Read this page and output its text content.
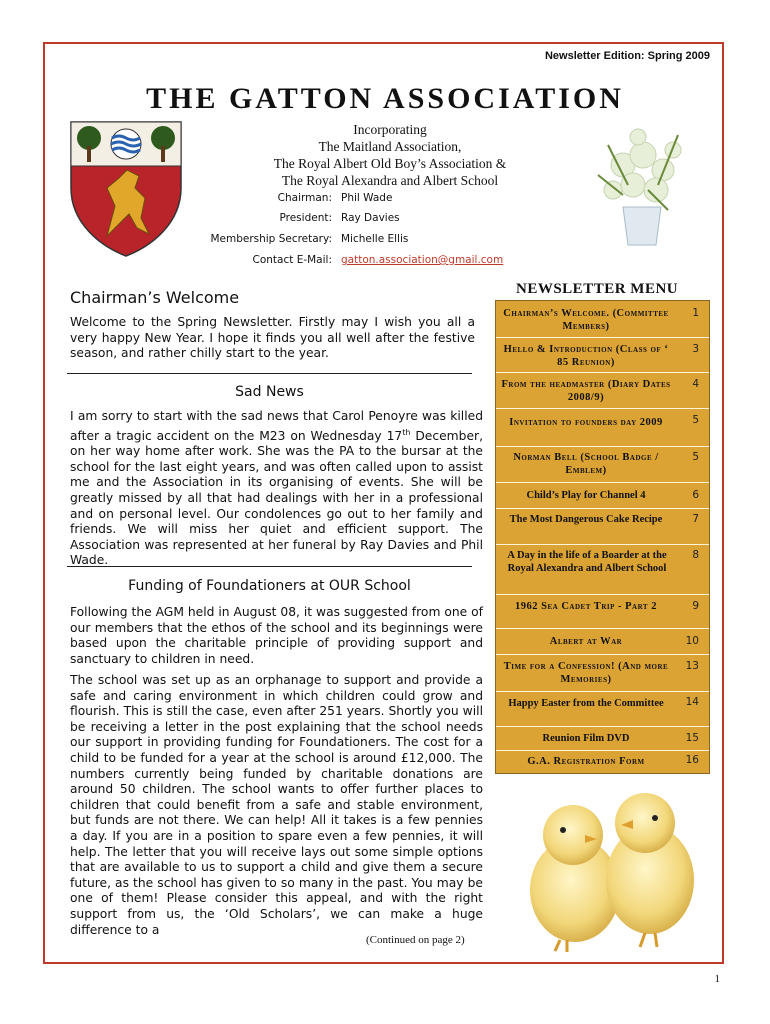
Newsletter Edition: Spring 2009
THE GATTON ASSOCIATION
Incorporating
The Maitland Association,
The Royal Albert Old Boy’s Association &
The Royal Alexandra and Albert School
Chairman: Phil Wade
President: Ray Davies
Membership Secretary: Michelle Ellis
Contact E-Mail: gatton.association@gmail.com
Chairman’s Welcome
Welcome to the Spring Newsletter. Firstly may I wish you all a very happy New Year. I hope it finds you all well after the festive season, and rather chilly start to the year.
Sad News
I am sorry to start with the sad news that Carol Penoyre was killed after a tragic accident on the M23 on Wednesday 17th December, on her way home after work. She was the PA to the bursar at the school for the last eight years, and was often called upon to assist me and the Association in its organising of events. She will be greatly missed by all that had dealings with her in a professional and on personal level. Our condolences go out to her family and friends. We will miss her quiet and efficient support. The Association was represented at her funeral by Ray Davies and Phil Wade.
Funding of Foundationers at OUR School
Following the AGM held in August 08, it was suggested from one of our members that the ethos of the school and its beginnings were based upon the charitable principle of providing support and sanctuary to children in need.
The school was set up as an orphanage to support and provide a safe and caring environment in which children could grow and flourish. This is still the case, even after 251 years. Shortly you will be receiving a letter in the post explaining that the school needs our support in providing funding for Foundationers. The cost for a child to be funded for a year at the school is around £12,000. The numbers currently being funded by charitable donations are around 50 children. The school wants to offer further places to children that could benefit from a safe and stable environment, but funds are not there. We can help! All it takes is a few pennies a day. If you are in a position to spare even a few pennies, it will help. The letter that you will receive lays out some simple options that are available to us to support a child and give them a secure future, as the school has given to so many in the past. You may be one of them! Please consider this appeal, and with the right support from us, the ‘Old Scholars’, we can make a huge difference to a
(Continued on page 2)
NEWSLETTER MENU
Chairman’s Welcome. (Committee Members)
1
Hello & Introduction (Class of ‘ 85 Reunion)
3
From the headmaster (Diary Dates 2008/9)
4
Invitation to founders day 2009	5
Norman Bell (School Badge / Emblem)
5
Child’s Play for Channel 4	6
The Most Dangerous Cake Recipe	7
A Day in the life of a Boarder at the Royal Alexandra and Albert School
8
1962 Sea Cadet Trip - Part 2	9
Albert at War	10
Time for a Confession! (And more Memories)
13
Happy Easter from the Committee	14
Reunion Film DVD	15
G.A. Registration Form	16
1
